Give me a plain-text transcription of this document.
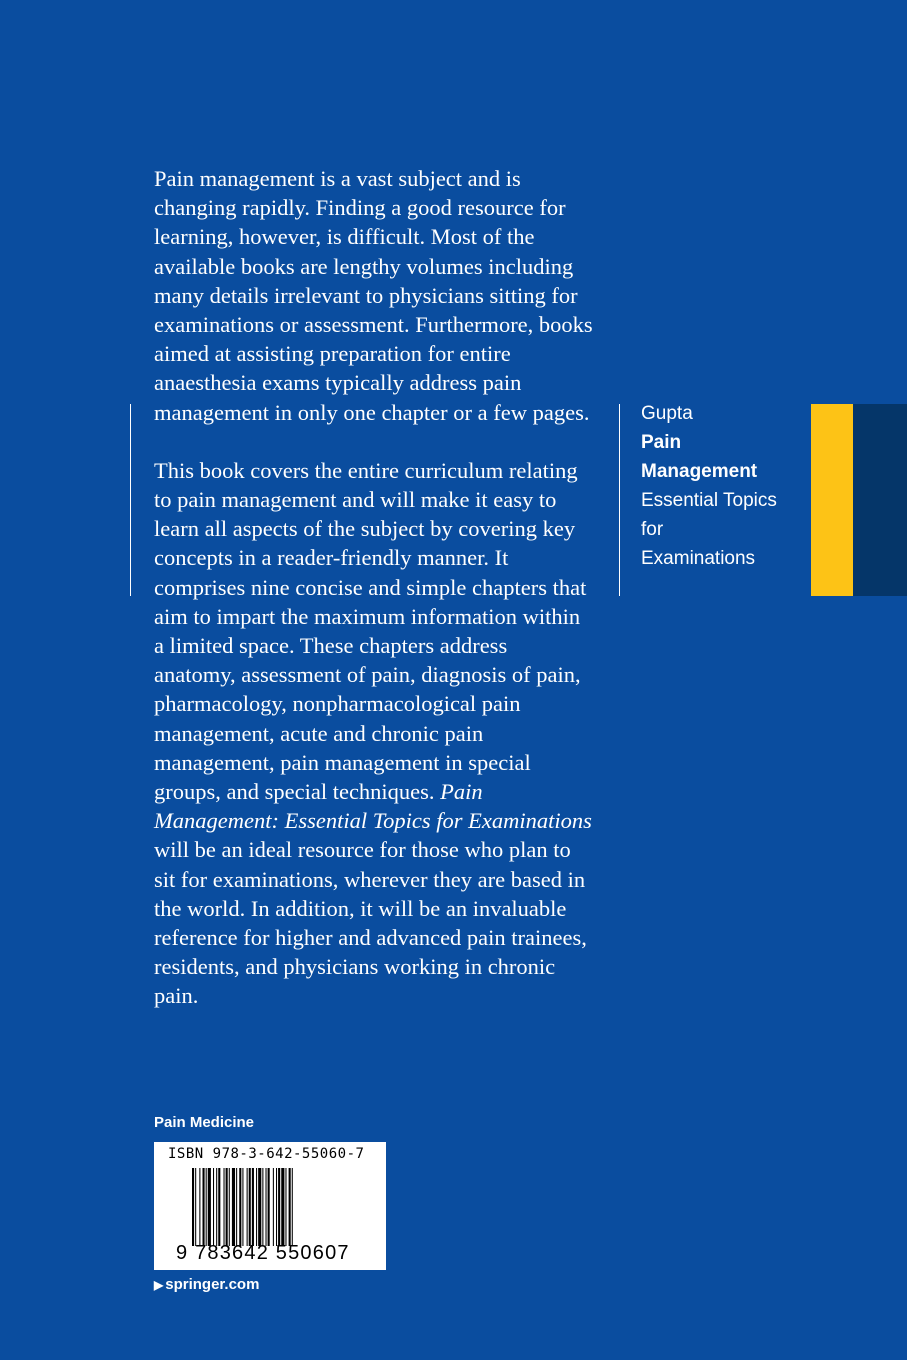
Pain management is a vast subject and is changing rapidly. Finding a good resource for learning, however, is difficult. Most of the available books are lengthy volumes including many details irrelevant to physicians sitting for examinations or assessment. Furthermore, books aimed at assisting preparation for entire anaesthesia exams typically address pain management in only one chapter or a few pages.

This book covers the entire curriculum relating to pain management and will make it easy to learn all aspects of the subject by covering key concepts in a reader-friendly manner. It comprises nine concise and simple chapters that aim to impart the maximum information within a limited space. These chapters address anatomy, assessment of pain, diagnosis of pain, pharmacology, nonpharmacological pain management, acute and chronic pain management, pain management in special groups, and special techniques. Pain Management: Essential Topics for Examinations will be an ideal resource for those who plan to sit for examinations, wherever they are based in the world. In addition, it will be an invaluable reference for higher and advanced pain trainees, residents, and physicians working in chronic pain.

Gupta
Pain
Management
Essential Topics for
Examinations
Pain Medicine
ISBN 978-3-642-55060-7
9 783642 550607
▶ springer.com
